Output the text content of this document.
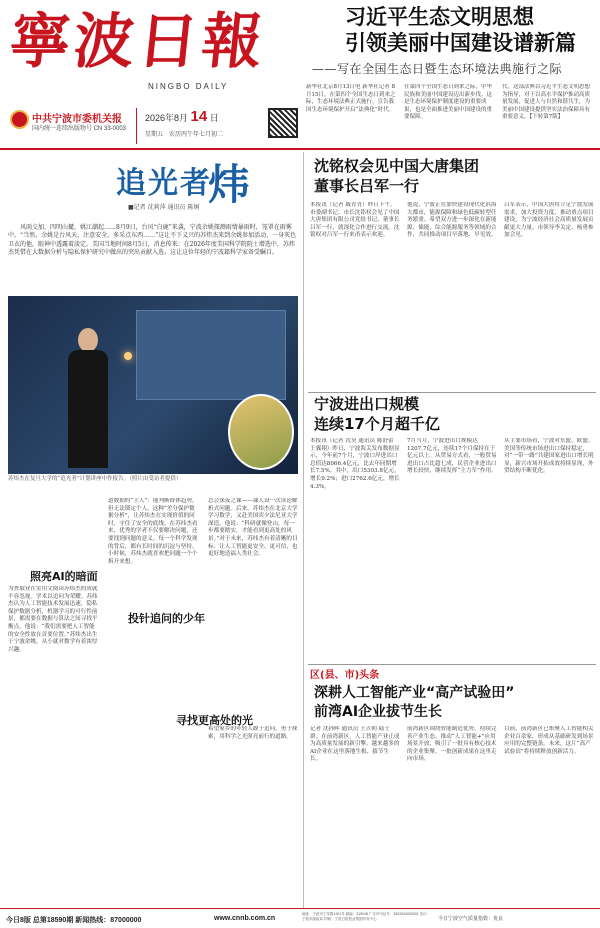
寧波日報
NINGBO DAILY
中共宁波市委机关报
国内统一连续出版物号 CN 33-0003
2026年8月 14 日
星期五　农历丙午年七月初二
习近平生态文明思想
引领美丽中国建设谱新篇
——写在全国生态日暨生态环境法典施行之际
新华社北京8月13日电 新华社记者 8月15日，在第四个全国生态日到来之际，生态环境法典正式施行。宣告我国生态环境保护开启“法典化”时代。
在第四个全国生态日到来之际，中华民族和美丽中国建设迈出新步伐。这是生态环境保护制度建设的重要成果，也是全面推进美丽中国建设的重要保障。
代。这部法典以习近平生态文明思想为指导，对于以高水平保护推动高质量发展，促进人与自然和谐共生，为美丽中国建设提供坚实法治保障具有重要意义。【下转第7版】
追光者
炜
■记者 沈莉萍 通讯员 陈炯

风雨交加，四明山麓，姚江潮起……8月9日，台风“白鹿”来袭，宁波余姚探测雨情暴雨时，笼罩在雨雾中。“当然，余姚是台风天，注意安全，多采点东西……”这让不下义兴的苏炜杰来到余姚参加活动，一身灰色卫衣的他，眼神中透露着淡定。美国当地时间8月5日，消息传来：在2026年度美国科学院院士增选中，苏炜杰凭借在大数据分析与隐私保护研究中做出的突出贡献入选。这让这位年轻的宁波籍科学家备受瞩目。

苏炜杰在复旦大学的“追光者”计划讲座中作报告。（照片由受访者提供）
为查取业在实用文阅读苏炜杰的成就不容忽视。学术以追问为荣耀。苏炜杰认为人工智能技术发展迅速，隐私保护数据分析，机器学习的可行性前景，都需要在数据与算法之间寻找平衡点。他说：“我们需要把人工智能的安全性放在首要位置。”苏炜杰出生于宁波余姚，从小就对数学有着浓厚兴趣。
道数据的“主人”：能判断群体趋势，但无法锁定个人。这种“差分保护数据分析”，让苏炜杰在实现价值的同时，守住了安全的底线。在苏炜杰看来，优秀的学者不仅要解决问题，还要找到问题的意义。每一个科学发现的背后，都有长时间的沉淀与坚持。小时候，苏炜杰就喜欢把问题一个个拆开来想。
总会深夜之课——课人设一次谈论解析式问题。后来，苏炜杰在北京大学学习数学，又赴美国宾夕法尼亚大学深造。他说：“科研就像登山，每一步都要踏实，才能看到更高处的风景。”对于未来，苏炜杰有着清晰的目标：让人工智能更安全、更可信，也更好地造福人类社会。
希望家乡的年轻人敢于追问，勇于探索，用科学之光照亮前行的道路。
照亮AI的暗面
投针追问的少年
寻找更高处的光
沈铭权会见中国大唐集团
董事长吕军一行
本报讯（记者 戚青青）昨日下午，市委副书记、市长沈铭权会见了中国大唐集团有限公司党组书记、董事长吕军一行，就深化合作进行交流。沈铭权对吕军一行来甬表示欢迎。
他说，宁波正在加快建设现代化滨海大都市，能源保障和绿色低碳转型任务繁重。希望双方进一步深化在新能源、储能、综合能源服务等领域的合作，共同推动项目早落地、早见效。
吕军表示，中国大唐将立足宁波发展需求，加大投资力度，推动重点项目建设，为宁波经济社会高质量发展贡献更大力量。市领导李关定、杨勇参加会见。
宁波进出口规模
连续17个月超千亿
本报讯（记者 沈昊 通讯员 陈舒蕾 王翼翔）昨日，宁波海关发布数据显示，今年前7个月，宁波口岸进出口总值达8066.4亿元，比去年同期增长7.5%。其中，出口5303.8亿元，增长9.2%；进口2762.6亿元，增长4.3%。
7月当月，宁波进出口规模达1207.7亿元，连续17个月保持在千亿元以上。从贸易方式看，一般贸易进出口占比超七成，民营企业进出口增长较快，继续发挥“主力军”作用。
从主要市场看，宁波对东盟、欧盟、美国等传统市场进出口保持稳定，对“一带一路”共建国家进出口增长明显，新兴市场开拓成效持续显现，外贸结构不断优化。
区(县、市)头条
深耕人工智能产业“高产试验田”
前湾AI企业拔节生长
记者 沈孙晖 通讯员 王吉朝 陆士群。在前湾新区，人工智能产业正成为高质量发展的新引擎。越来越多的AI企业在这里落地生根、拔节生长。
前湾新区围绕智能制造优势，持续完善产业生态，推动“人工智能+”应用场景开放，吸引了一批具有核心技术的企业集聚。一批创新成果在这里走向市场。
目前，前湾新区已集聚人工智能相关企业百余家，形成从基础研发到场景应用的完整链条。未来，这片“高产试验田”将持续释放创新活力。
今日8版 总第18590期 新闻热线：87000000	www.cnnb.com.cn
地址：宁波市宁穿路1901号 邮编：315048 广告许可证号：3302004000001 发行：宁波市邮政局 印刷：宁波日报报业集团印务中心	今日宁波空气质量指数：优良
